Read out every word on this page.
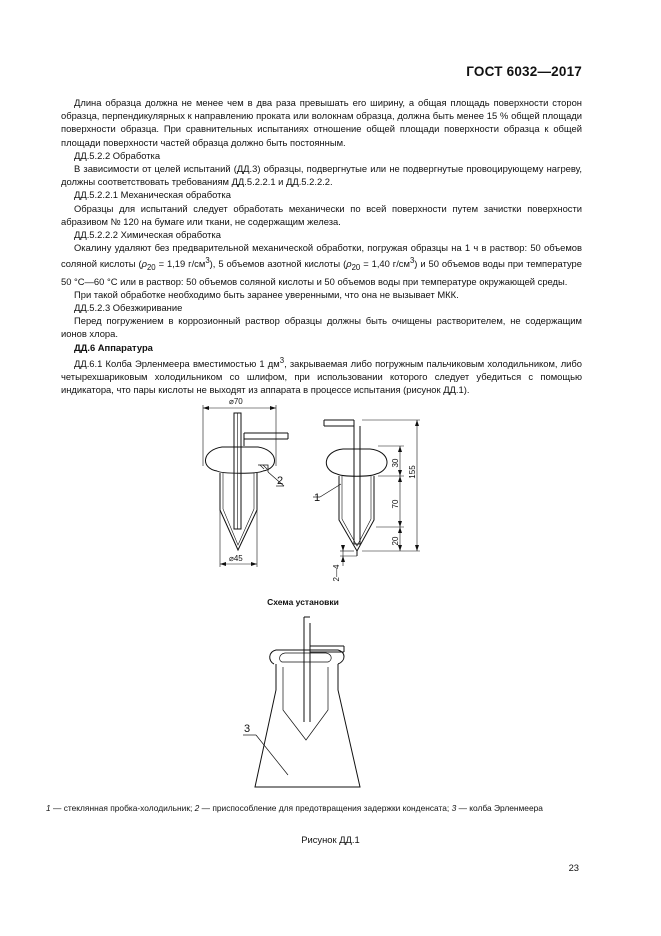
ГОСТ 6032—2017

Длина образца должна не менее чем в два раза превышать его ширину, а общая площадь поверхности сторон образца, перпендикулярных к направлению проката или волокнам образца, должна быть менее 15 % общей площади поверхности образца. При сравнительных испытаниях отношение общей площади поверхности образца к общей площади поверхности частей образца должно быть постоянным.

ДД.5.2.2 Обработка

В зависимости от целей испытаний (ДД.3) образцы, подвергнутые или не подвергнутые провоцирующему нагреву, должны соответствовать требованиям ДД.5.2.2.1 и ДД.5.2.2.2.

ДД.5.2.2.1 Механическая обработка

Образцы для испытаний следует обработать механически по всей поверхности путем зачистки поверхности абразивом № 120 на бумаге или ткани, не содержащим железа.

ДД.5.2.2.2 Химическая обработка

Окалину удаляют без предварительной механической обработки, погружая образцы на 1 ч в раствор: 50 объемов соляной кислоты ($\rho_{20} = 1,19$ $г/см^3$), 5 объемов азотной кислоты ($\rho_{20} = 1,40$ $г/см^3$) и 50 объемов воды при температуре 50 °С—60 °С или в раствор: 50 объемов соляной кислоты и 50 объемов воды при температуре окружающей среды.

При такой обработке необходимо быть заранее уверенными, что она не вызывает МКК.

ДД.5.2.3 Обезжиривание

Перед погружением в коррозионный раствор образцы должны быть очищены растворителем, не содержащим ионов хлора.

ДД.6 Аппаратура

ДД.6.1 Колба Эрленмеера вместимостью 1 $дм^3$, закрываемая либо погружным пальчиковым холодильником, либо четырехшариковым холодильником со шлифом, при использовании которого следует убедиться с помощью индикатора, что пары кислоты не выходят из аппарата в процессе испытания (рисунок ДД.1).

⌀70
⌀45
30
70
20
155
2—4
2
1
3
Схема установки
1 — стеклянная пробка-холодильник; 2 — приспособление для предотвращения задержки конденсата; 3 — колба Эрленмеера
Рисунок ДД.1
23
